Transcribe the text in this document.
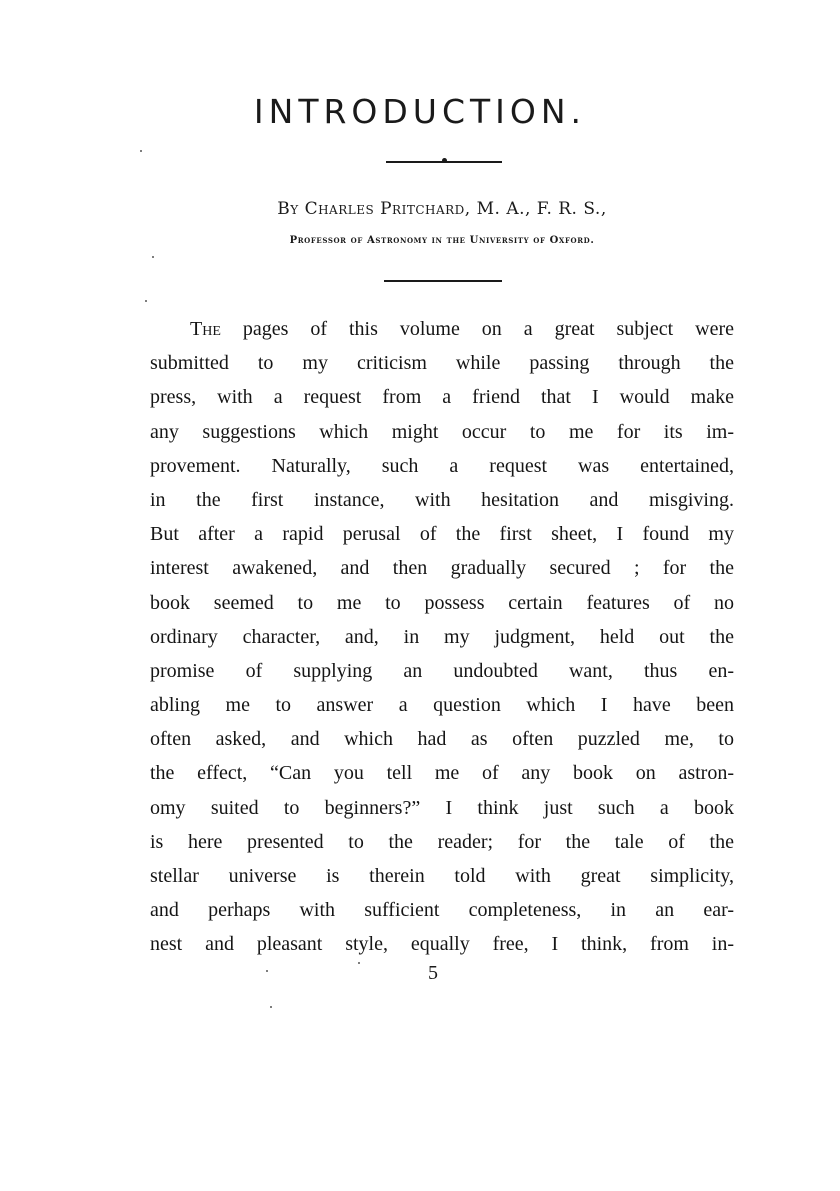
INTRODUCTION.
By Charles Pritchard, M. A., F. R. S.,
Professor of Astronomy in the University of Oxford.
The pages of this volume on a great subject were
submitted to my criticism while passing through the
press, with a request from a friend that I would make
any suggestions which might occur to me for its im-
provement. Naturally, such a request was entertained,
in the first instance, with hesitation and misgiving.
But after a rapid perusal of the first sheet, I found my
interest awakened, and then gradually secured ; for the
book seemed to me to possess certain features of no
ordinary character, and, in my judgment, held out the
promise of supplying an undoubted want, thus en-
abling me to answer a question which I have been
often asked, and which had as often puzzled me, to
the effect, “Can you tell me of any book on astron-
omy suited to beginners?” I think just such a book
is here presented to the reader; for the tale of the
stellar universe is therein told with great simplicity,
and perhaps with sufficient completeness, in an ear-
nest and pleasant style, equally free, I think, from in-
5
